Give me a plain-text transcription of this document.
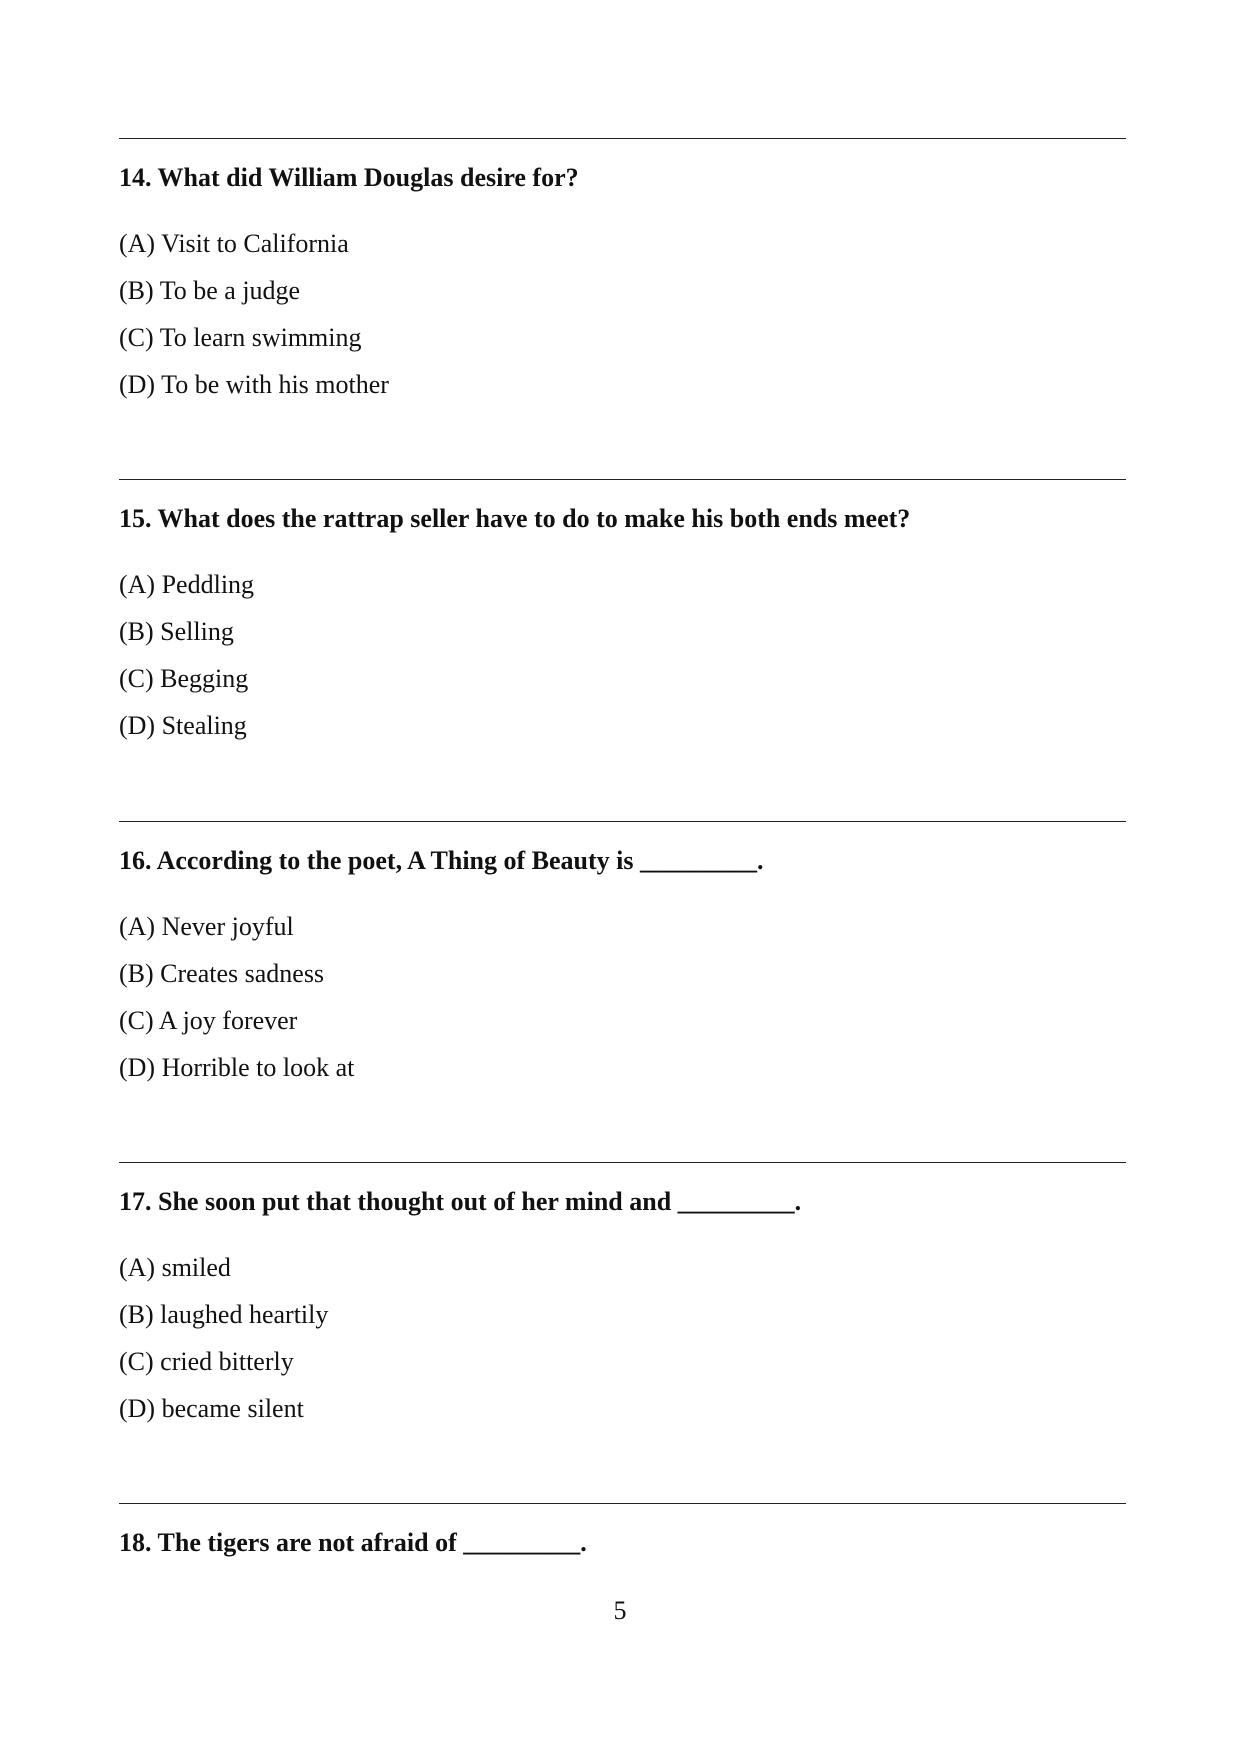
14. What did William Douglas desire for?
(A) Visit to California
(B) To be a judge
(C) To learn swimming
(D) To be with his mother
15. What does the rattrap seller have to do to make his both ends meet?
(A) Peddling
(B) Selling
(C) Begging
(D) Stealing
16. According to the poet, A Thing of Beauty is _________.
(A) Never joyful
(B) Creates sadness
(C) A joy forever
(D) Horrible to look at
17. She soon put that thought out of her mind and _________.
(A) smiled
(B) laughed heartily
(C) cried bitterly
(D) became silent
18. The tigers are not afraid of _________.
5
